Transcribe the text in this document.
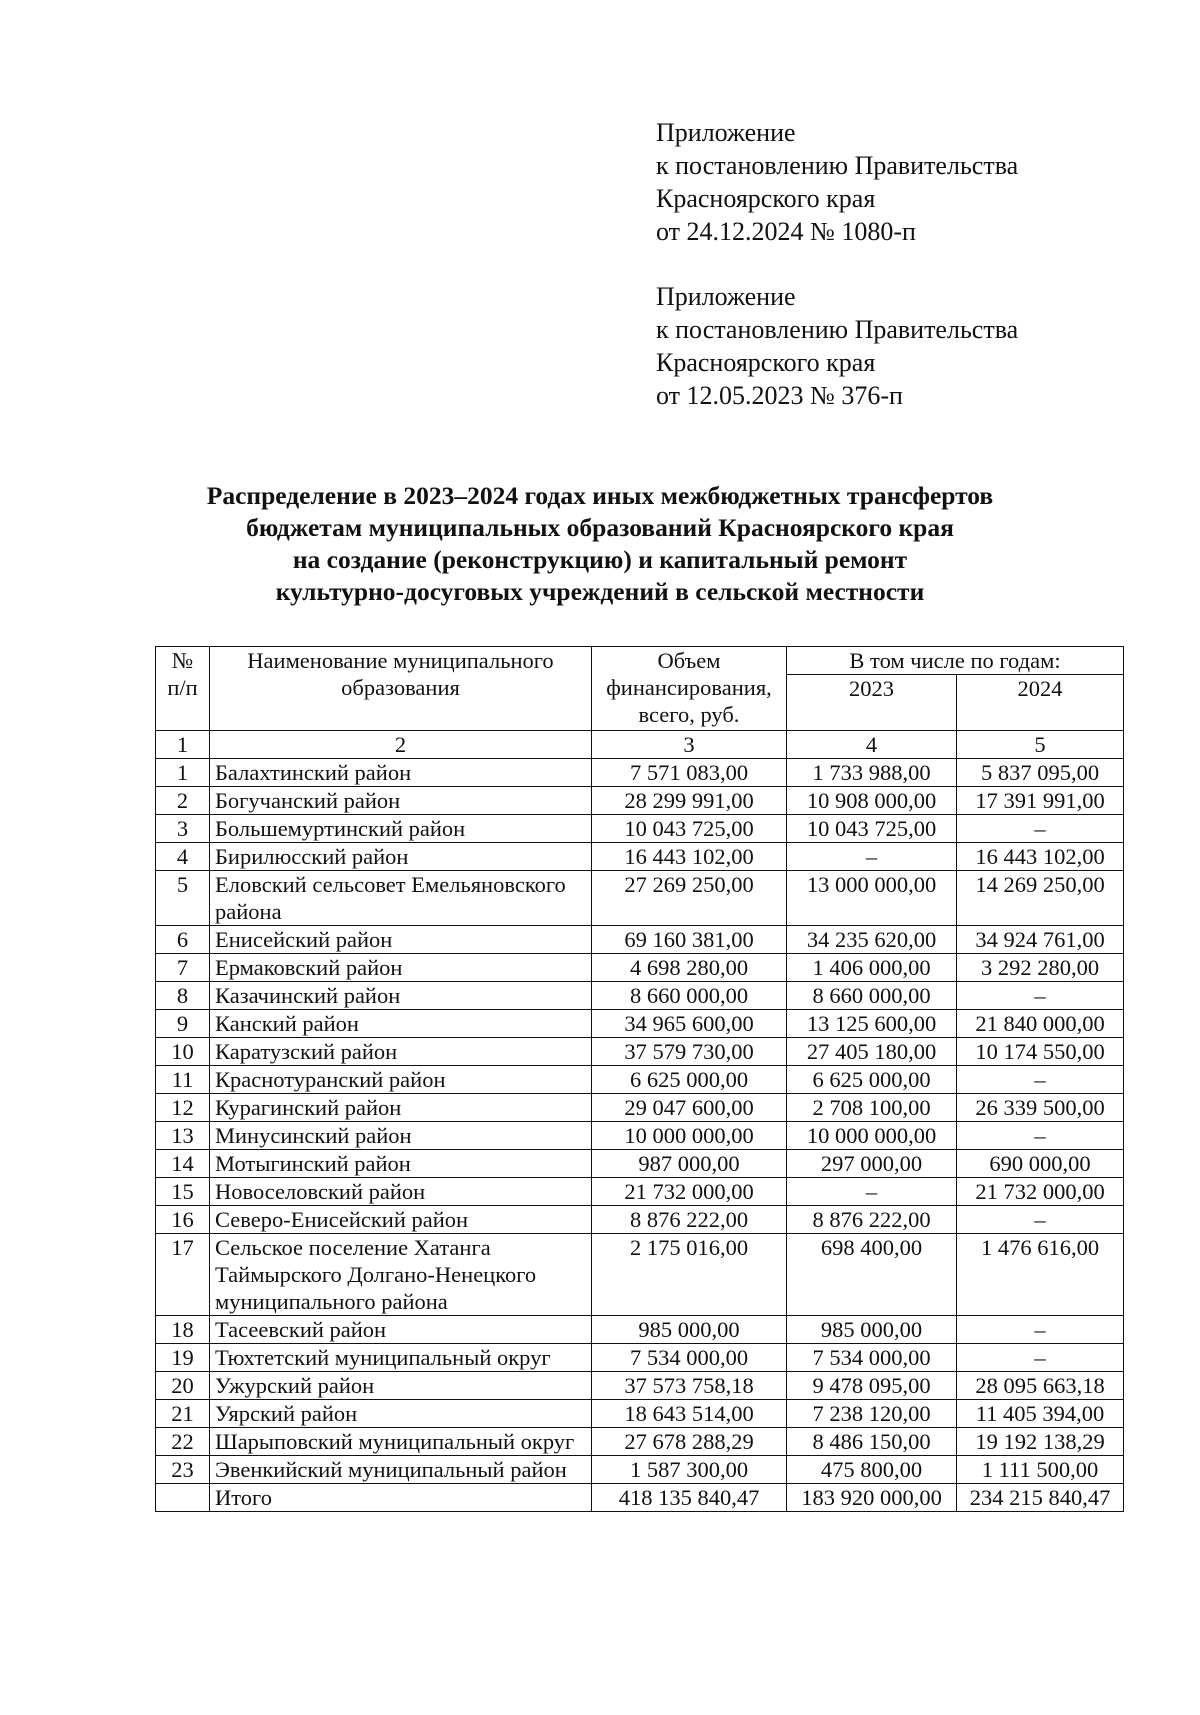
Приложение
к постановлению Правительства
Красноярского края
от 24.12.2024 № 1080-п
Приложение
к постановлению Правительства
Красноярского края
от 12.05.2023 № 376-п
Распределение в 2023–2024 годах иных межбюджетных трансфертов
бюджетам муниципальных образований Красноярского края
на создание (реконструкцию) и капитальный ремонт
культурно-досуговых учреждений в сельской местности
№ п/п	Наименование муниципального образования	Объем финансирования, всего, руб.	В том числе по годам:	
			2023	2024
1	2	3	4	5
1	Балахтинский район	7 571 083,00	1 733 988,00	5 837 095,00
2	Богучанский район	28 299 991,00	10 908 000,00	17 391 991,00
3	Большемуртинский район	10 043 725,00	10 043 725,00	–
4	Бирилюсский район	16 443 102,00	–	16 443 102,00
5	Еловский сельсовет Емельяновского района	27 269 250,00	13 000 000,00	14 269 250,00
6	Енисейский район	69 160 381,00	34 235 620,00	34 924 761,00
7	Ермаковский район	4 698 280,00	1 406 000,00	3 292 280,00
8	Казачинский район	8 660 000,00	8 660 000,00	–
9	Канский район	34 965 600,00	13 125 600,00	21 840 000,00
10	Каратузский район	37 579 730,00	27 405 180,00	10 174 550,00
11	Краснотуранский район	6 625 000,00	6 625 000,00	–
12	Курагинский район	29 047 600,00	2 708 100,00	26 339 500,00
13	Минусинский район	10 000 000,00	10 000 000,00	–
14	Мотыгинский район	987 000,00	297 000,00	690 000,00
15	Новоселовский район	21 732 000,00	–	21 732 000,00
16	Северо-Енисейский район	8 876 222,00	8 876 222,00	–
17	Сельское поселение Хатанга Таймырского Долгано-Ненецкого муниципального района	2 175 016,00	698 400,00	1 476 616,00
18	Тасеевский район	985 000,00	985 000,00	–
19	Тюхтетский муниципальный округ	7 534 000,00	7 534 000,00	–
20	Ужурский район	37 573 758,18	9 478 095,00	28 095 663,18
21	Уярский район	18 643 514,00	7 238 120,00	11 405 394,00
22	Шарыповский муниципальный округ	27 678 288,29	8 486 150,00	19 192 138,29
23	Эвенкийский муниципальный район	1 587 300,00	475 800,00	1 111 500,00
	Итого	418 135 840,47	183 920 000,00	234 215 840,47
